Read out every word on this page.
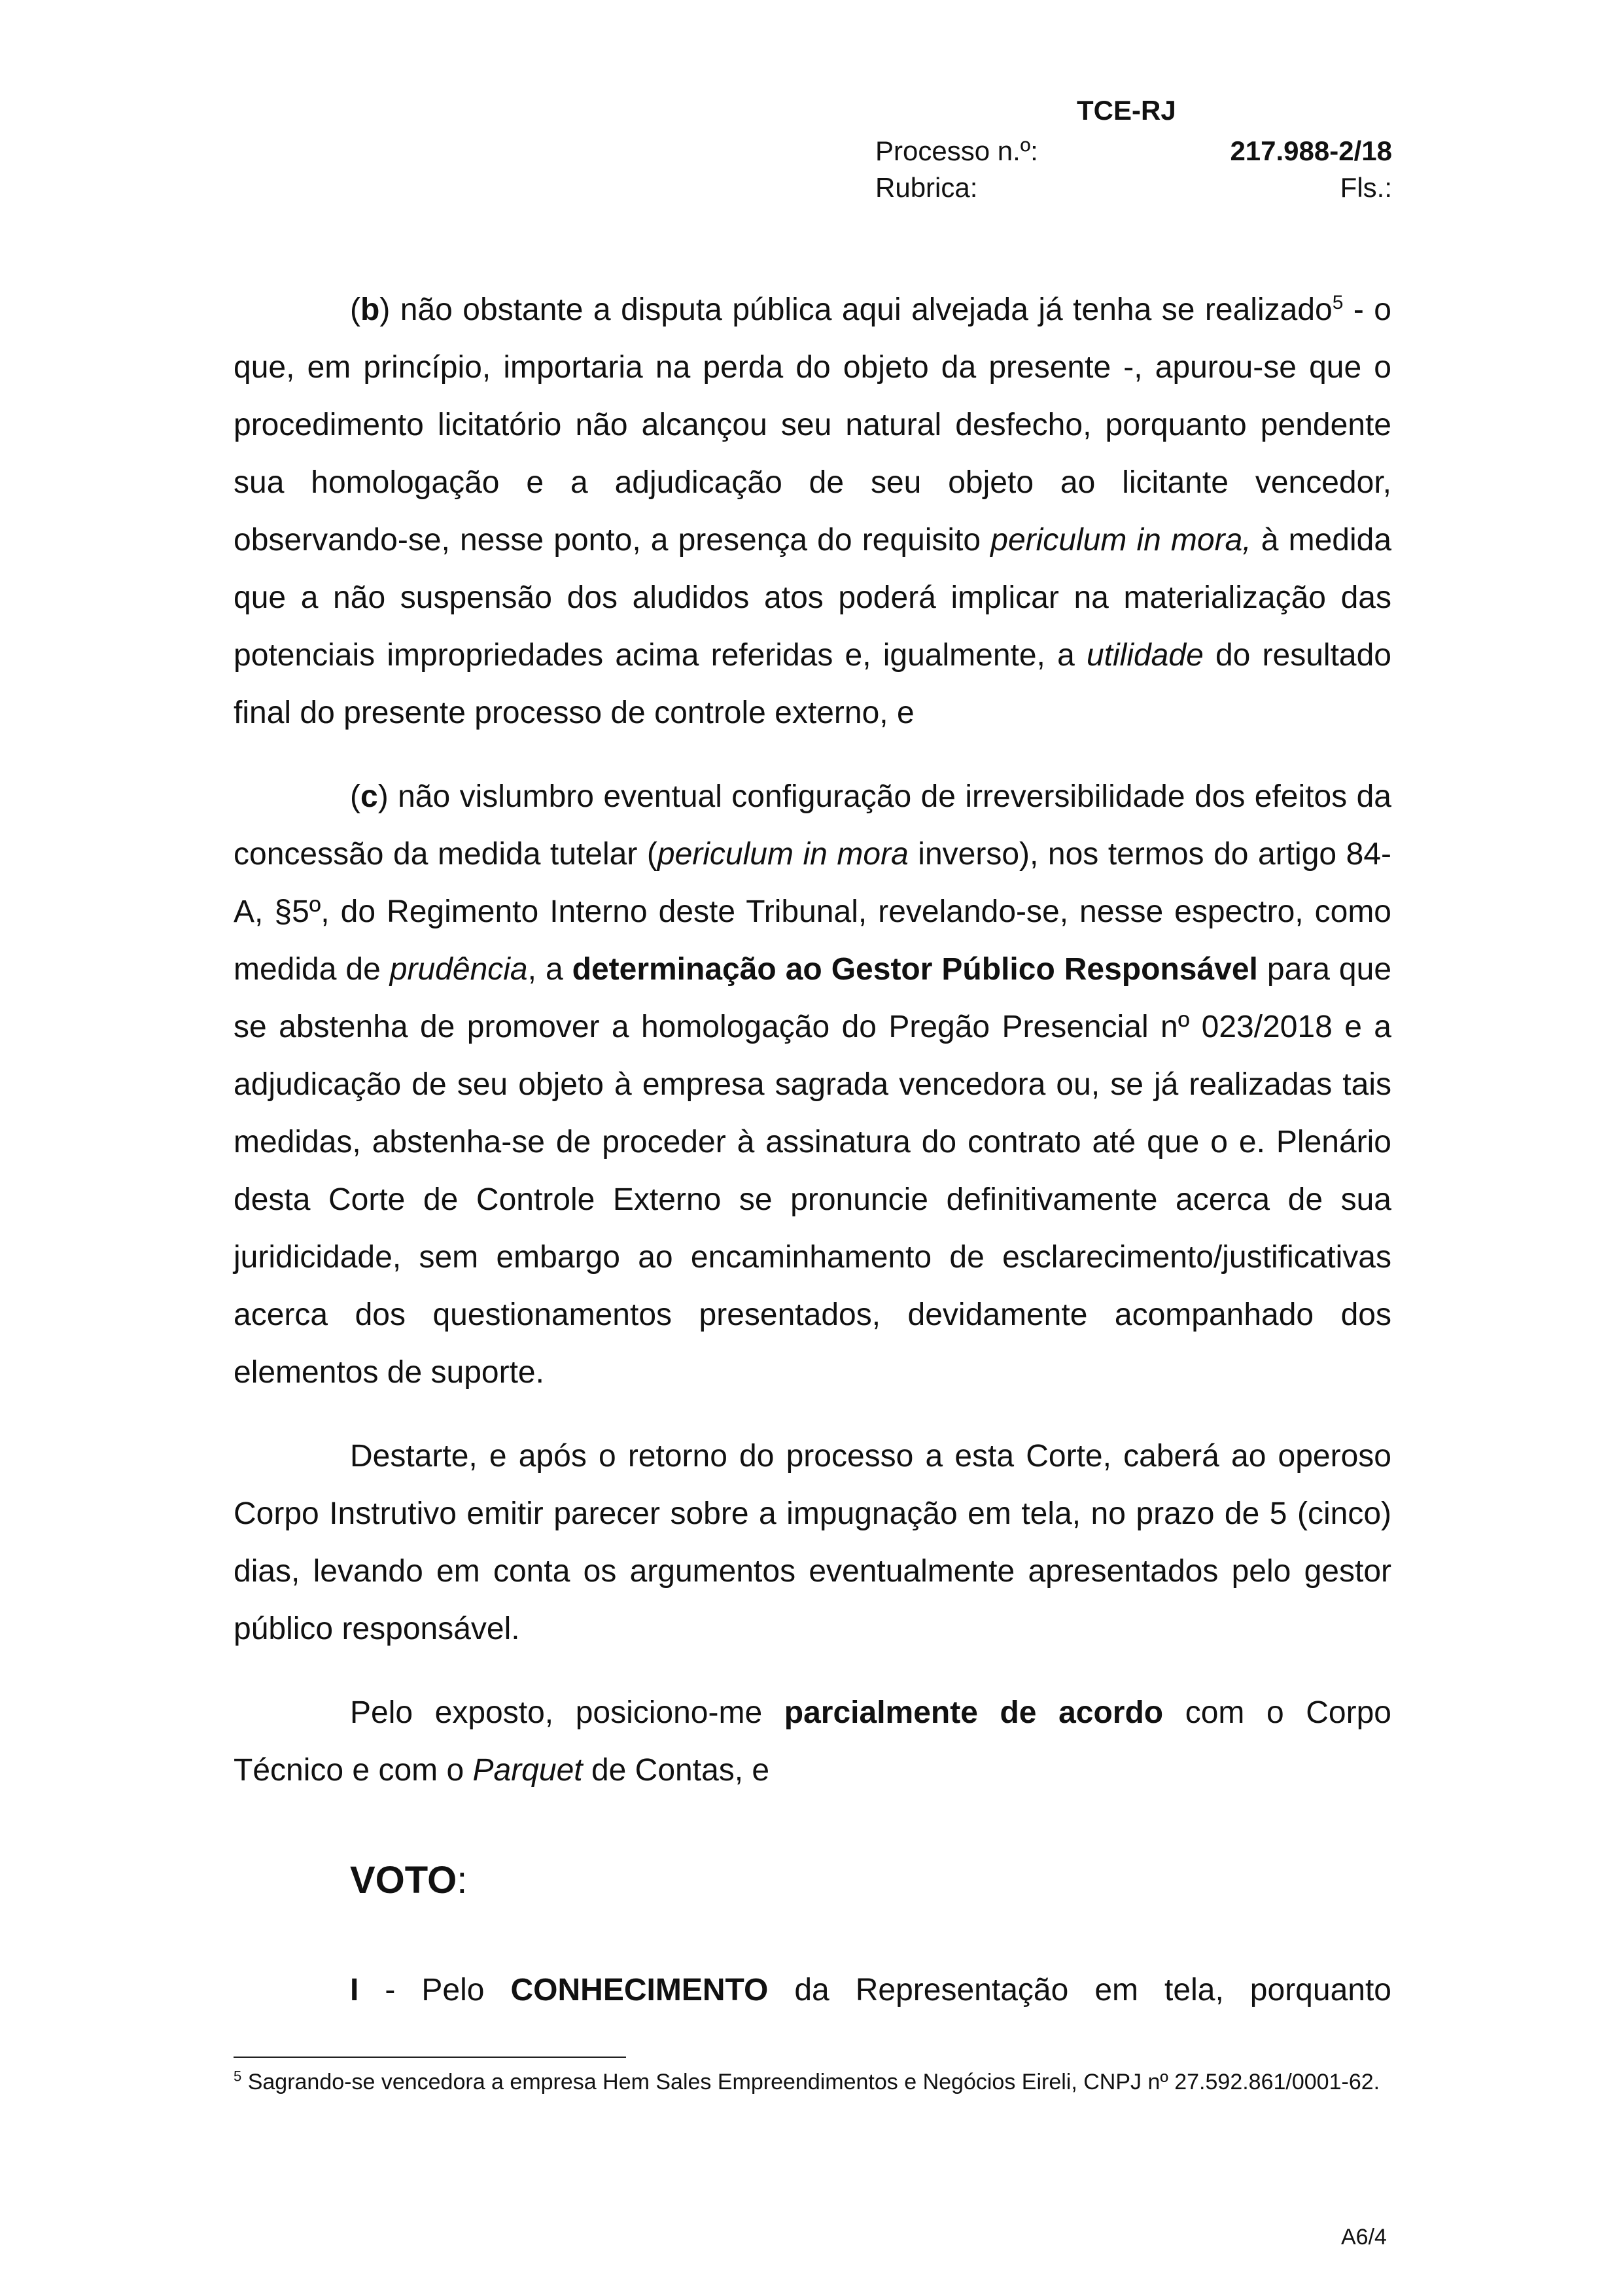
TCE-RJ
Processo n.º:	217.988-2/18
Rubrica:	Fls.:

(b) não obstante a disputa pública aqui alvejada já tenha se realizado$^5$ - o que, em princípio, importaria na perda do objeto da presente -, apurou-se que o procedimento licitatório não alcançou seu natural desfecho, porquanto pendente sua homologação e a adjudicação de seu objeto ao licitante vencedor, observando-se, nesse ponto, a presença do requisito periculum in mora, à medida que a não suspensão dos aludidos atos poderá implicar na materialização das potenciais impropriedades acima referidas e, igualmente, a utilidade do resultado final do presente processo de controle externo, e

(c) não vislumbro eventual configuração de irreversibilidade dos efeitos da concessão da medida tutelar (periculum in mora inverso), nos termos do artigo 84- A, §5º, do Regimento Interno deste Tribunal, revelando-se, nesse espectro, como medida de prudência, a determinação ao Gestor Público Responsável para que se abstenha de promover a homologação do Pregão Presencial nº 023/2018 e a adjudicação de seu objeto à empresa sagrada vencedora ou, se já realizadas tais medidas, abstenha-se de proceder à assinatura do contrato até que o e. Plenário desta Corte de Controle Externo se pronuncie definitivamente acerca de sua juridicidade, sem embargo ao encaminhamento de esclarecimento/justificativas acerca dos questionamentos presentados, devidamente acompanhado dos elementos de suporte.

Destarte, e após o retorno do processo a esta Corte, caberá ao operoso Corpo Instrutivo emitir parecer sobre a impugnação em tela, no prazo de 5 (cinco) dias, levando em conta os argumentos eventualmente apresentados pelo gestor público responsável.

Pelo exposto, posiciono-me parcialmente de acordo com o Corpo Técnico e com o Parquet de Contas, e

VOTO:

I - Pelo CONHECIMENTO da Representação em tela, porquanto

$^5$ Sagrando-se vencedora a empresa Hem Sales Empreendimentos e Negócios Eireli, CNPJ nº 27.592.861/0001-62.
A6/4
